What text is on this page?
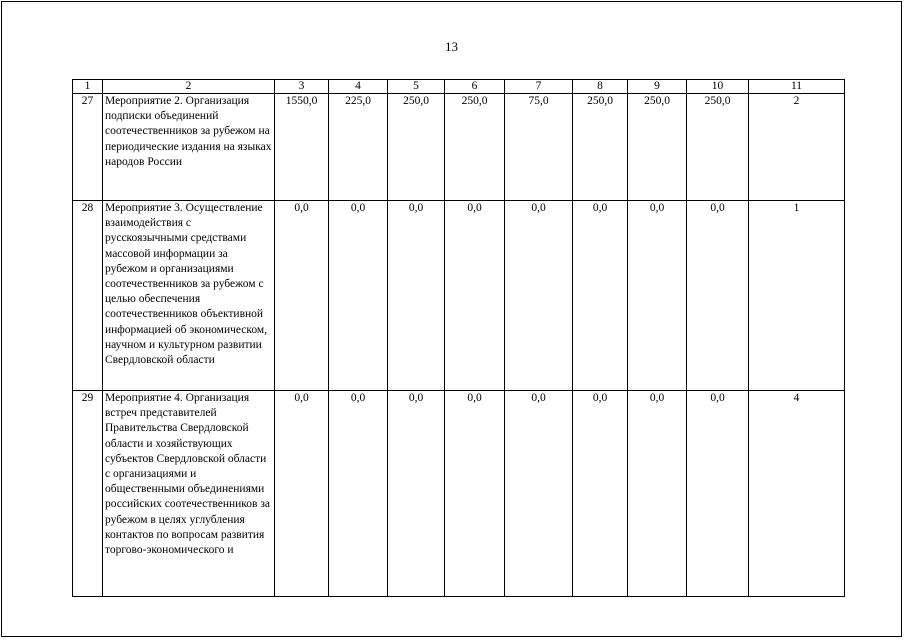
13
1	2	3	4	5	6	7	8	9	10	11
27	Мероприятие 2. Организация подписки объединений соотечественников за рубежом на периодические издания на языках народов России	1550,0	225,0	250,0	250,0	75,0	250,0	250,0	250,0	2
28	Мероприятие 3. Осуществление взаимодействия с русскоязычными средствами массовой информации за рубежом и организациями соотечественников за рубежом с целью обеспечения соотечественников объективной информацией об экономическом, научном и культурном развитии Свердловской области	0,0	0,0	0,0	0,0	0,0	0,0	0,0	0,0	1
29	Мероприятие 4. Организация встреч представителей Правительства Свердловской области и хозяйствующих субъектов Свердловской области с организациями и общественными объединениями российских соотечественников за рубежом в целях углубления контактов по вопросам развития торгово-экономического и	0,0	0,0	0,0	0,0	0,0	0,0	0,0	0,0	4
